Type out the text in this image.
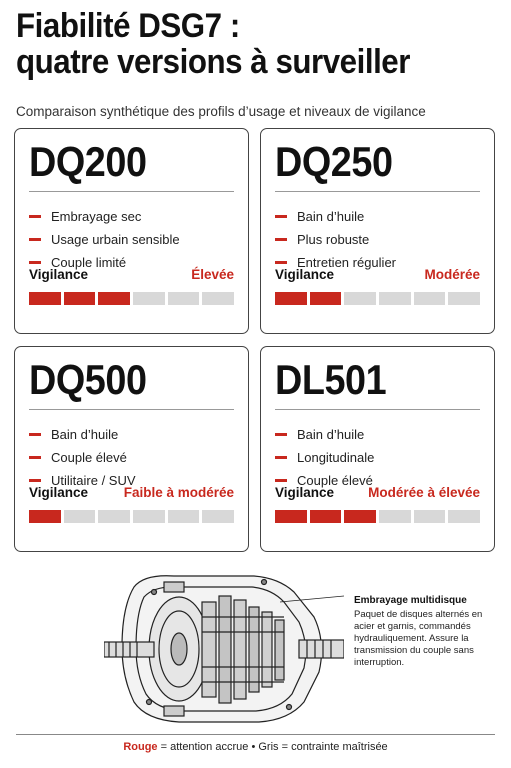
Fiabilité DSG7 :
quatre versions à surveiller
Comparaison synthétique des profils d’usage et niveaux de vigilance
DQ200
Embrayage sec
Usage urbain sensible
Couple limité
Vigilance	Élevée
DQ250
Bain d’huile
Plus robuste
Entretien régulier
Vigilance	Modérée
DQ500
Bain d’huile
Couple élevé
Utilitaire / SUV
Vigilance	Faible à modérée
DL501
Bain d’huile
Longitudinale
Couple élevé
Vigilance	Modérée à élevée
Embrayage multidisque
Paquet de disques alternés en acier et garnis, commandés hydrauliquement. Assure la transmission du couple sans interruption.
Rouge = attention accrue • Gris = contrainte maîtrisée
